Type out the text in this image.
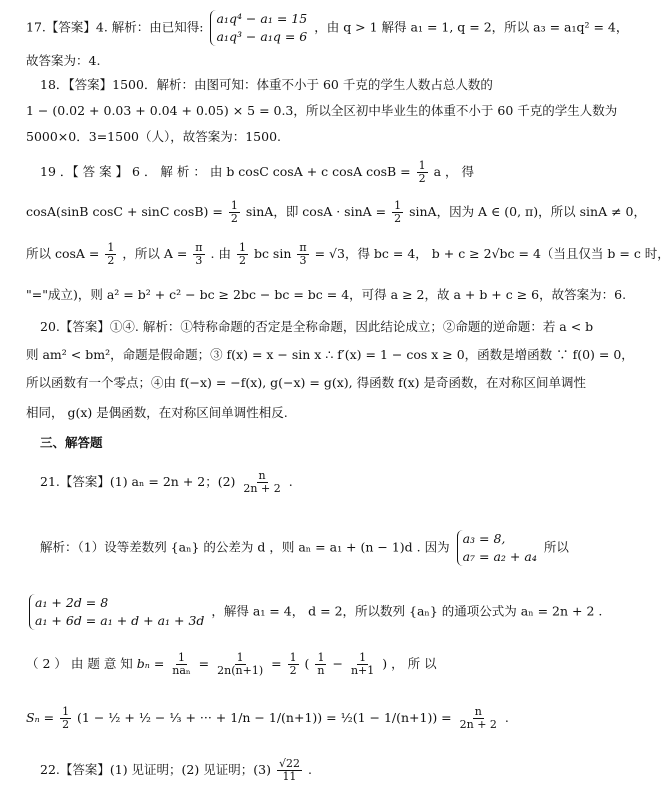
17.【答案】4. 解析：由已知得:
a₁q⁴ − a₁ = 15
a₁q³ − a₁q = 6
，由 q > 1 解得 a₁ = 1, q = 2，所以 a₃ = a₁q² = 4，
故答案为：4.
18．【答案】1500．解析：由图可知：体重不小于 60 千克的学生人数占总人数的
1 − (0.02 + 0.03 + 0.04 + 0.05) × 5 = 0.3，所以全区初中毕业生的体重不小于 60 千克的学生人数为
5000×0．3=1500（人），故答案为：1500.
19 ．【 答 案 】 6 ． 解 析 ： 由 b cosC cosA + c cosA $\cos B = \frac{1}{2}$ a ， 得
cosA(sinB cosC + sinC $\cos B) = \frac{1}{2}$ sinA，即 $\cos A \cdot \sin A = \frac{1}{2}$ sinA，因为 A ∈ (0, π)，所以 sinA ≠ 0，
所以 $\cos A = \frac{1}{2}$ ，所以 $A = \frac{\pi}{3}$ . 由 $\frac{1}{2}$ bc $\sin \frac{\pi}{3} = √3$，得 bc = 4， b + c ≥ 2√bc = 4（当且仅当 b = c 时，
"="成立)，则 a² = b² + c² − bc ≥ 2bc − bc = bc = 4，可得 a ≥ 2，故 a + b + c ≥ 6，故答案为：6.
20.【答案】①④. 解析：①特称命题的否定是全称命题，因此结论成立；②命题的逆命题：若 a < b
则 am² < bm²，命题是假命题；③ f(x) = x − sin x ∴ f′(x) = 1 − cos x ≥ 0，函数是增函数 ∵ f(0) = 0，
所以函数有一个零点；④由 f(−x) = −f(x), g(−x) = g(x), 得函数 f(x) 是奇函数，在对称区间单调性
相同， g(x) 是偶函数，在对称区间单调性相反.
三、解答题
21.【答案】(1) aₙ = 2n + 2；$(2) \frac{n}{2n + 2}$ .
解析：（1）设等差数列 {aₙ} 的公差为 d ，则 aₙ = a₁ + (n − 1)d . 因为
a₃ = 8,
a₇ = a₂ + a₄
所以
a₁ + 2d = 8
a₁ + 6d = a₁ + d + a₁ + 3d
，解得 a₁ = 4， d = 2，所以数列 {aₙ} 的通项公式为 aₙ = 2n + 2 .
（ 2 ） 由 题 意 知 $b_n = \frac{1}{\text{naₙ}} = \frac{1}{2n(n+1)} = \frac{1}{2}$ ( $\frac{1}{n} - \frac{1}{n+1}$ ) ， 所 以
$S_n = \frac{1}{2} (1$ − ½ + ½ − ⅓ + ··· + 1/n − 1/(n+1)) = ½(1 − $1/(n+1)) = \frac{n}{2n + 2}$ .
22.【答案】(1) 见证明；(2) 见证明；$(3) \frac{√22}{11}$ .
